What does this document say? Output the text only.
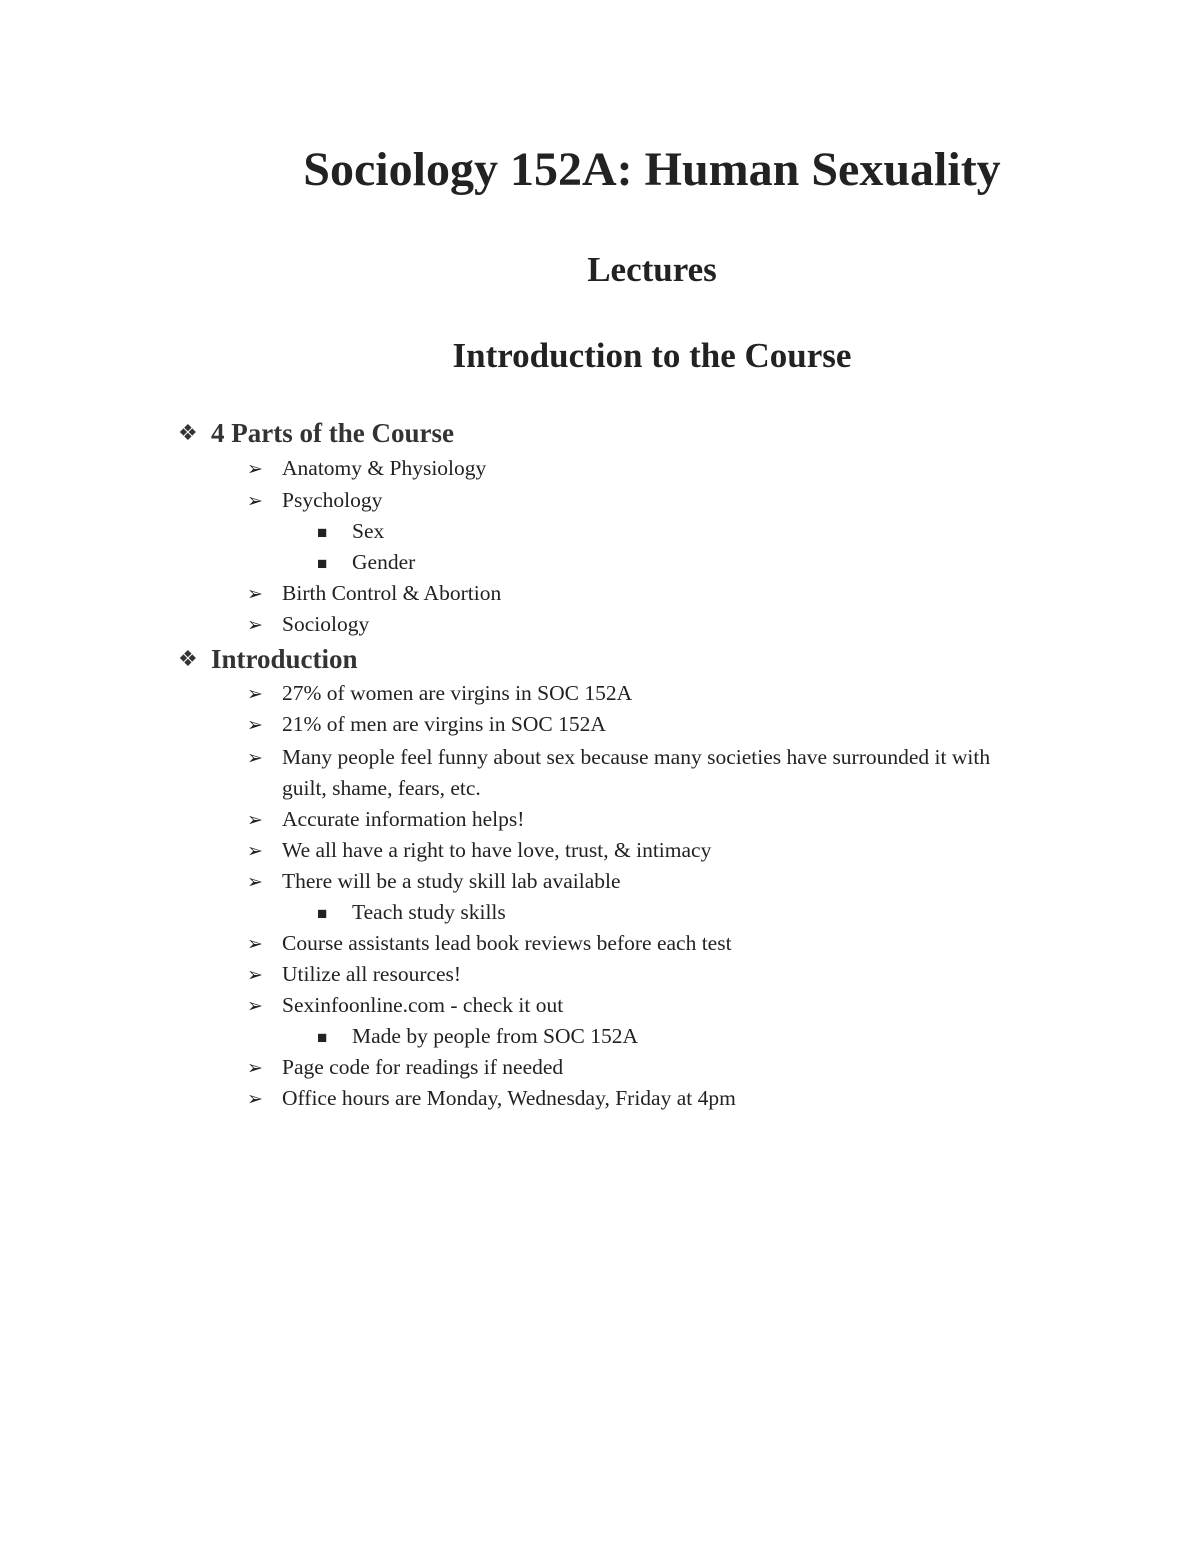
Sociology 152A: Human Sexuality
Lectures
Introduction to the Course
❖ 4 Parts of the Course
➢ Anatomy & Physiology
➢ Psychology
■ Sex
■ Gender
➢ Birth Control & Abortion
➢ Sociology
❖ Introduction
➢ 27% of women are virgins in SOC 152A
➢ 21% of men are virgins in SOC 152A
➢ Many people feel funny about sex because many societies have surrounded it with
guilt, shame, fears, etc.
➢ Accurate information helps!
➢ We all have a right to have love, trust, & intimacy
➢ There will be a study skill lab available
■ Teach study skills
➢ Course assistants lead book reviews before each test
➢ Utilize all resources!
➢ Sexinfoonline.com - check it out
■ Made by people from SOC 152A
➢ Page code for readings if needed
➢ Office hours are Monday, Wednesday, Friday at 4pm
